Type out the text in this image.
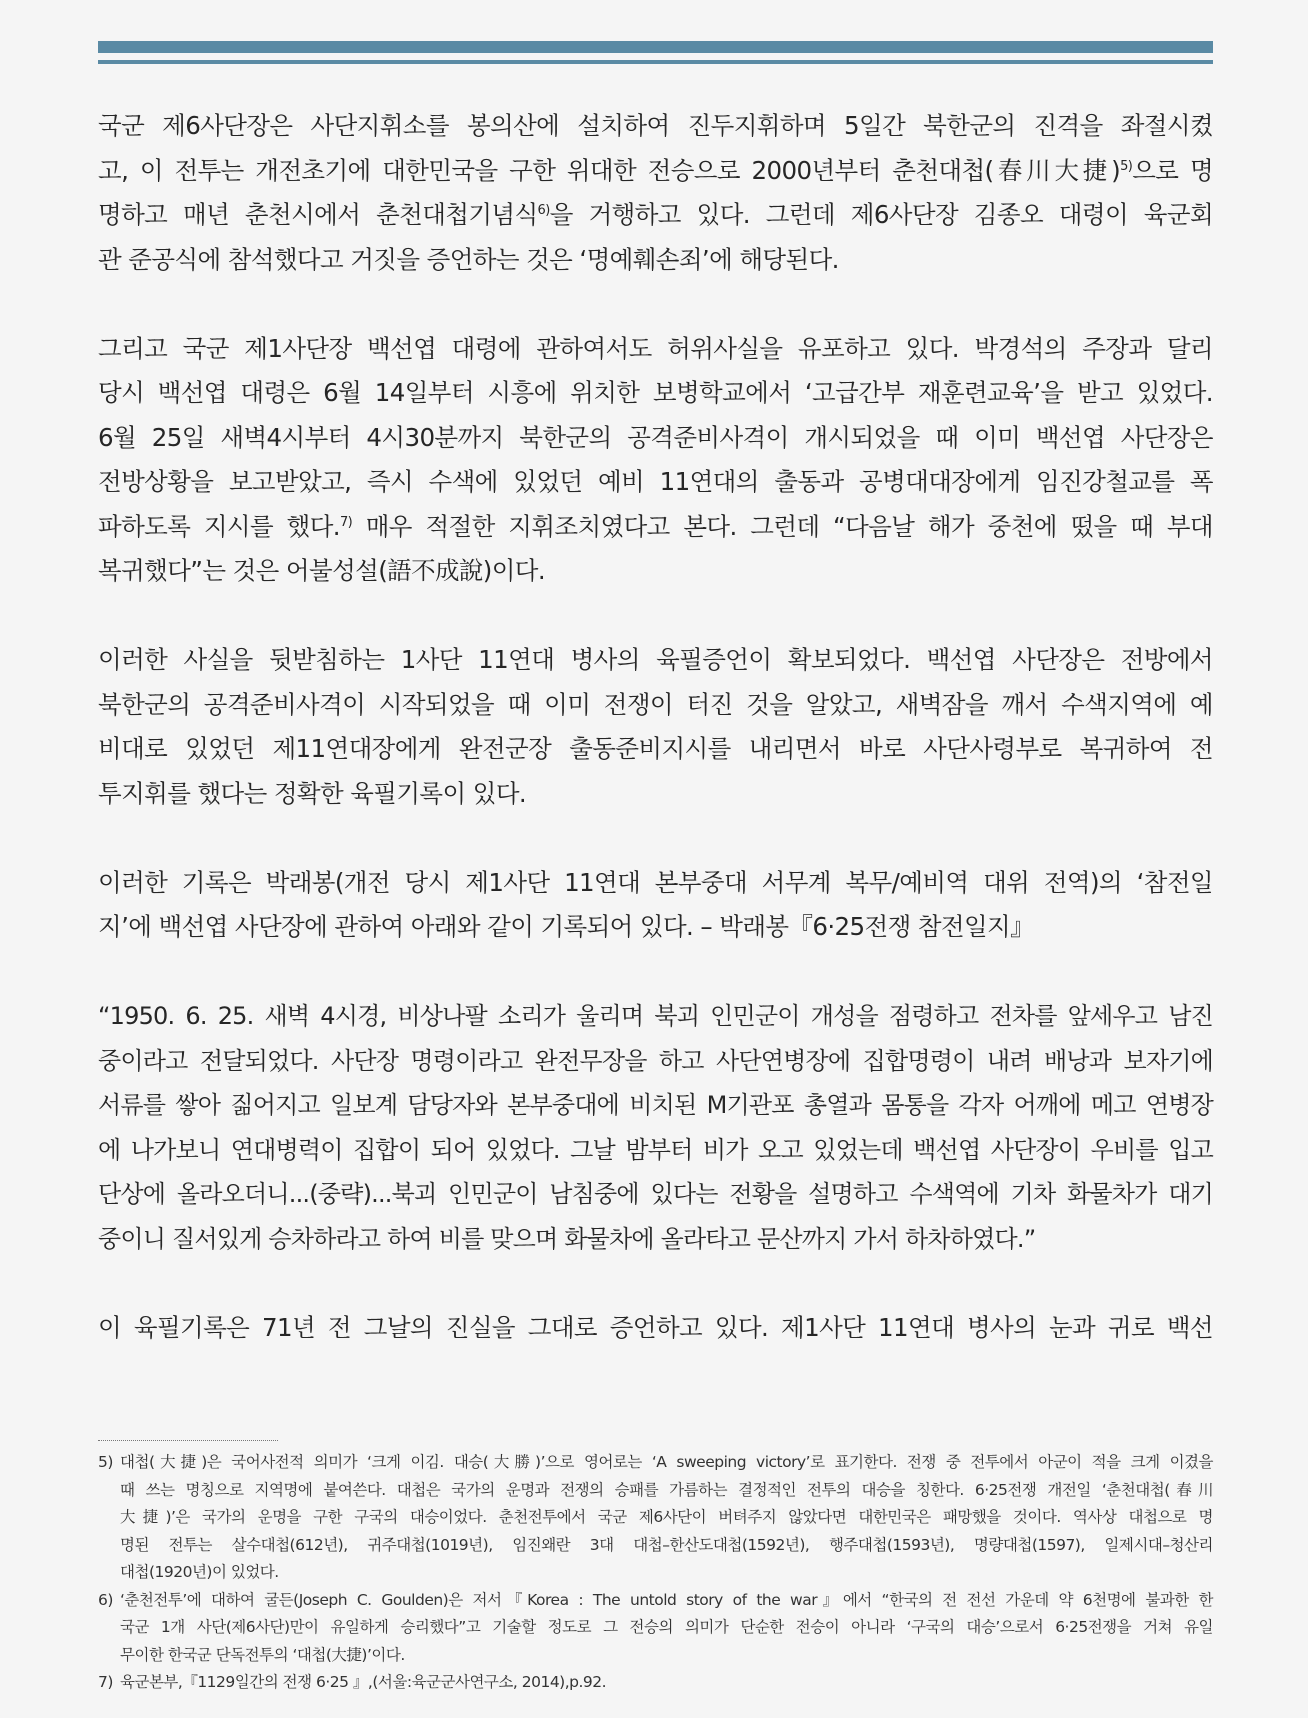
국군 제6사단장은 사단지휘소를 봉의산에 설치하여 진두지휘하며 5일간 북한군의 진격을 좌절시켰
고, 이 전투는 개전초기에 대한민국을 구한 위대한 전승으로 2000년부터 춘천대첩(春川大捷)$^{5)}$으로 명
명하고 매년 춘천시에서 춘천대첩기념식$^{6)}$을 거행하고 있다. 그런데 제6사단장 김종오 대령이 육군회
관 준공식에 참석했다고 거짓을 증언하는 것은 ‘명예훼손죄’에 해당된다.

그리고 국군 제1사단장 백선엽 대령에 관하여서도 허위사실을 유포하고 있다. 박경석의 주장과 달리
당시 백선엽 대령은 6월 14일부터 시흥에 위치한 보병학교에서 ‘고급간부 재훈련교육’을 받고 있었다.
6월 25일 새벽4시부터 4시30분까지 북한군의 공격준비사격이 개시되었을 때 이미 백선엽 사단장은
전방상황을 보고받았고, 즉시 수색에 있었던 예비 11연대의 출동과 공병대대장에게 임진강철교를 폭
파하도록 지시를 했다.$^{7)}$ 매우 적절한 지휘조치였다고 본다. 그런데 “다음날 해가 중천에 떴을 때 부대
복귀했다”는 것은 어불성설(語不成說)이다.

이러한 사실을 뒷받침하는 1사단 11연대 병사의 육필증언이 확보되었다. 백선엽 사단장은 전방에서
북한군의 공격준비사격이 시작되었을 때 이미 전쟁이 터진 것을 알았고, 새벽잠을 깨서 수색지역에 예
비대로 있었던 제11연대장에게 완전군장 출동준비지시를 내리면서 바로 사단사령부로 복귀하여 전
투지휘를 했다는 정확한 육필기록이 있다.

이러한 기록은 박래봉(개전 당시 제1사단 11연대 본부중대 서무계 복무/예비역 대위 전역)의 ‘참전일
지’에 백선엽 사단장에 관하여 아래와 같이 기록되어 있다. – 박래봉『6·25전쟁 참전일지』

“1950. 6. 25. 새벽 4시경, 비상나팔 소리가 울리며 북괴 인민군이 개성을 점령하고 전차를 앞세우고 남진
중이라고 전달되었다. 사단장 명령이라고 완전무장을 하고 사단연병장에 집합명령이 내려 배낭과 보자기에
서류를 쌓아 짊어지고 일보계 담당자와 본부중대에 비치된 M기관포 총열과 몸통을 각자 어깨에 메고 연병장
에 나가보니 연대병력이 집합이 되어 있었다. 그날 밤부터 비가 오고 있었는데 백선엽 사단장이 우비를 입고
단상에 올라오더니...(중략)...북괴 인민군이 남침중에 있다는 전황을 설명하고 수색역에 기차 화물차가 대기
중이니 질서있게 승차하라고 하여 비를 맞으며 화물차에 올라타고 문산까지 가서 하차하였다.”

이 육필기록은 71년 전 그날의 진실을 그대로 증언하고 있다. 제1사단 11연대 병사의 눈과 귀로 백선

5) 대첩(大捷)은 국어사전적 의미가 ‘크게 이김. 대승(大勝)’으로 영어로는 ‘A sweeping victory’로 표기한다. 전쟁 중 전투에서 아군이 적을 크게 이겼을
때 쓰는 명칭으로 지역명에 붙여쓴다. 대첩은 국가의 운명과 전쟁의 승패를 가름하는 결정적인 전투의 대승을 칭한다. 6·25전쟁 개전일 ‘춘천대첩(春川
大捷)’은 국가의 운명을 구한 구국의 대승이었다. 춘천전투에서 국군 제6사단이 버텨주지 않았다면 대한민국은 패망했을 것이다. 역사상 대첩으로 명
명된 전투는 살수대첩(612년), 귀주대첩(1019년), 임진왜란 3대 대첩–한산도대첩(1592년), 행주대첩(1593년), 명량대첩(1597), 일제시대–청산리
대첩(1920년)이 있었다.
6) ‘춘천전투’에 대하여 굴든(Joseph C. Goulden)은 저서『Korea : The untold story of the war』에서 “한국의 전 전선 가운데 약 6천명에 불과한 한
국군 1개 사단(제6사단)만이 유일하게 승리했다”고 기술할 정도로 그 전승의 의미가 단순한 전승이 아니라 ‘구국의 대승’으로서 6·25전쟁을 거쳐 유일
무이한 한국군 단독전투의 ‘대첩(大捷)’이다.
7) 육군본부,『1129일간의 전쟁 6·25 』,(서울:육군군사연구소, 2014),p.92.
